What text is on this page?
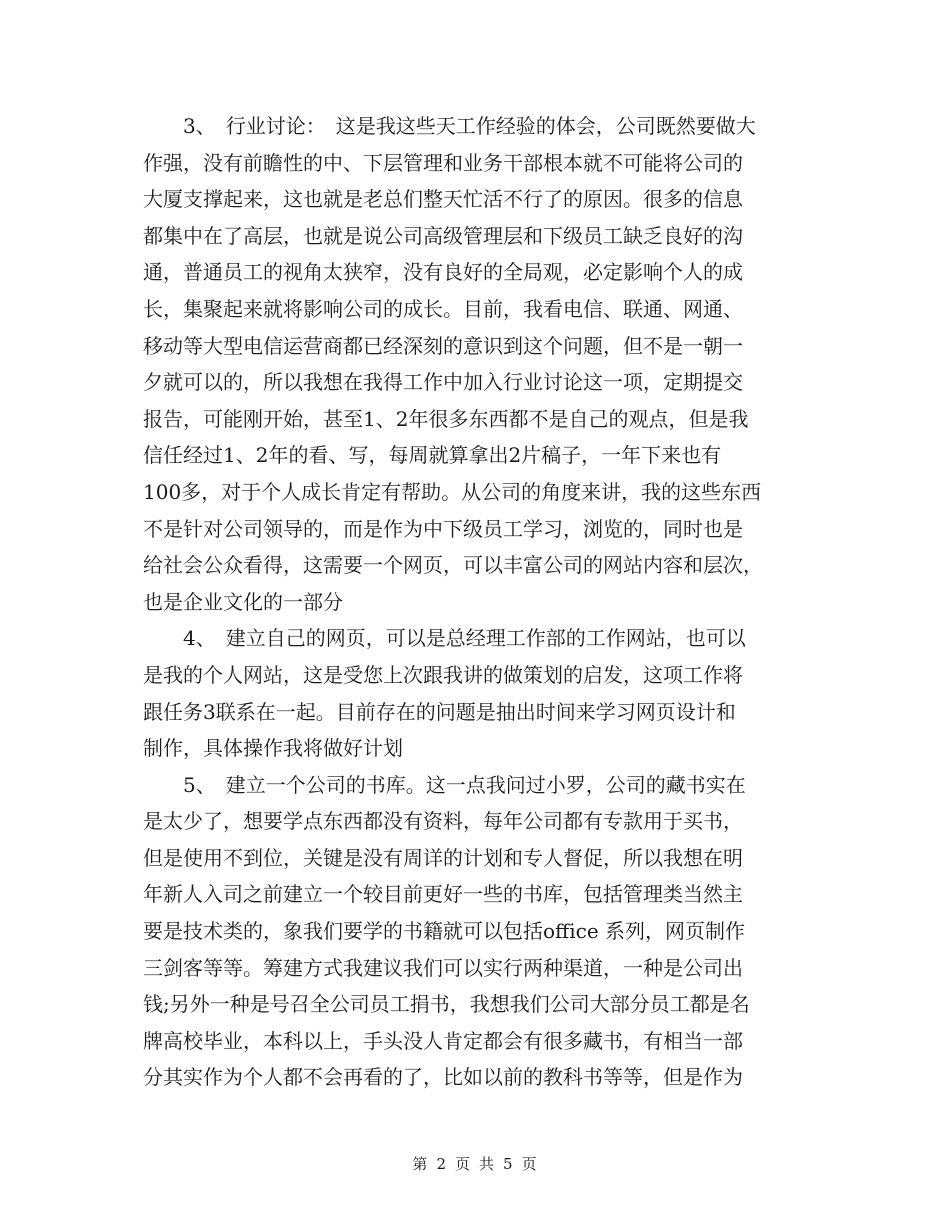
　　3、　行业讨论：　这是我这些天工作经验的体会，公司既然要做大
作强，没有前瞻性的中、下层管理和业务干部根本就不可能将公司的
大厦支撑起来，这也就是老总们整天忙活不行了的原因。很多的信息
都集中在了高层，也就是说公司高级管理层和下级员工缺乏良好的沟
通，普通员工的视角太狭窄，没有良好的全局观，必定影响个人的成
长，集聚起来就将影响公司的成长。目前，我看电信、联通、网通、
移动等大型电信运营商都已经深刻的意识到这个问题，但不是一朝一
夕就可以的，所以我想在我得工作中加入行业讨论这一项，定期提交
报告，可能刚开始，甚至1、2年很多东西都不是自己的观点，但是我
信任经过1、2年的看、写，每周就算拿出2片稿子，一年下来也有
100多，对于个人成长肯定有帮助。从公司的角度来讲，我的这些东西
不是针对公司领导的，而是作为中下级员工学习，浏览的，同时也是
给社会公众看得，这需要一个网页，可以丰富公司的网站内容和层次，
也是企业文化的一部分
　　4、　建立自己的网页，可以是总经理工作部的工作网站，也可以
是我的个人网站，这是受您上次跟我讲的做策划的启发，这项工作将
跟任务3联系在一起。目前存在的问题是抽出时间来学习网页设计和
制作，具体操作我将做好计划
　　5、　建立一个公司的书库。这一点我问过小罗，公司的藏书实在
是太少了，想要学点东西都没有资料，每年公司都有专款用于买书，
但是使用不到位，关键是没有周详的计划和专人督促，所以我想在明
年新人入司之前建立一个较目前更好一些的书库，包括管理类当然主
要是技术类的，象我们要学的书籍就可以包括office 系列，网页制作
三剑客等等。筹建方式我建议我们可以实行两种渠道，一种是公司出
钱;另外一种是号召全公司员工捐书，我想我们公司大部分员工都是名
牌高校毕业，本科以上，手头没人肯定都会有很多藏书，有相当一部
分其实作为个人都不会再看的了，比如以前的教科书等等，但是作为
第 2 页 共 5 页
